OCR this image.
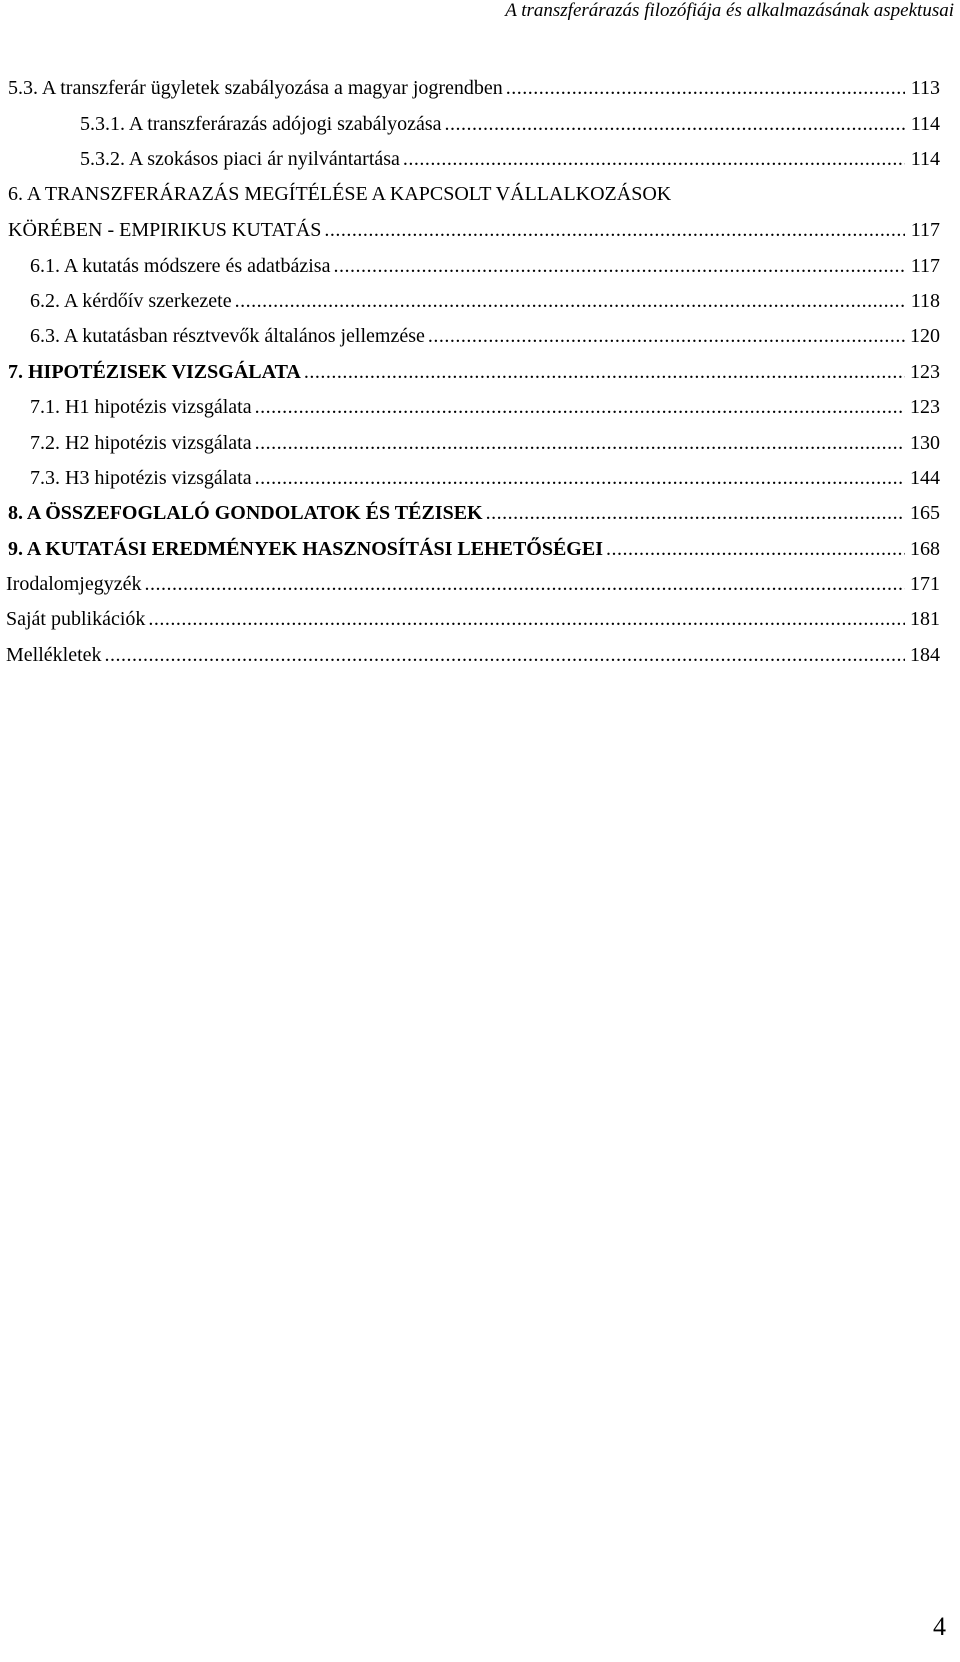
A transzferárazás filozófiája és alkalmazásának aspektusai
5.3. A transzferár ügyletek szabályozása a magyar jogrendben .....	113
5.3.1. A transzferárazás adójogi szabályozása .....	114
5.3.2. A szokásos piaci ár nyilvántartása .....	114
6. A TRANSZFERÁRAZÁS MEGÍTÉLÉSE A KAPCSOLT VÁLLALKOZÁSOK
KÖRÉBEN - EMPIRIKUS KUTATÁS .....	117
6.1. A kutatás módszere és adatbázisa .....	117
6.2. A kérdőív szerkezete .....	118
6.3. A kutatásban résztvevők általános jellemzése .....	120
7. HIPOTÉZISEK VIZSGÁLATA .....	123
7.1. H1 hipotézis vizsgálata .....	123
7.2. H2 hipotézis vizsgálata .....	130
7.3. H3 hipotézis vizsgálata .....	144
8. A ÖSSZEFOGLALÓ GONDOLATOK ÉS TÉZISEK .....	165
9. A KUTATÁSI EREDMÉNYEK HASZNOSÍTÁSI LEHETŐSÉGEI .....	168
Irodalomjegyzék .....	171
Saját publikációk .....	181
Mellékletek .....	184
4
